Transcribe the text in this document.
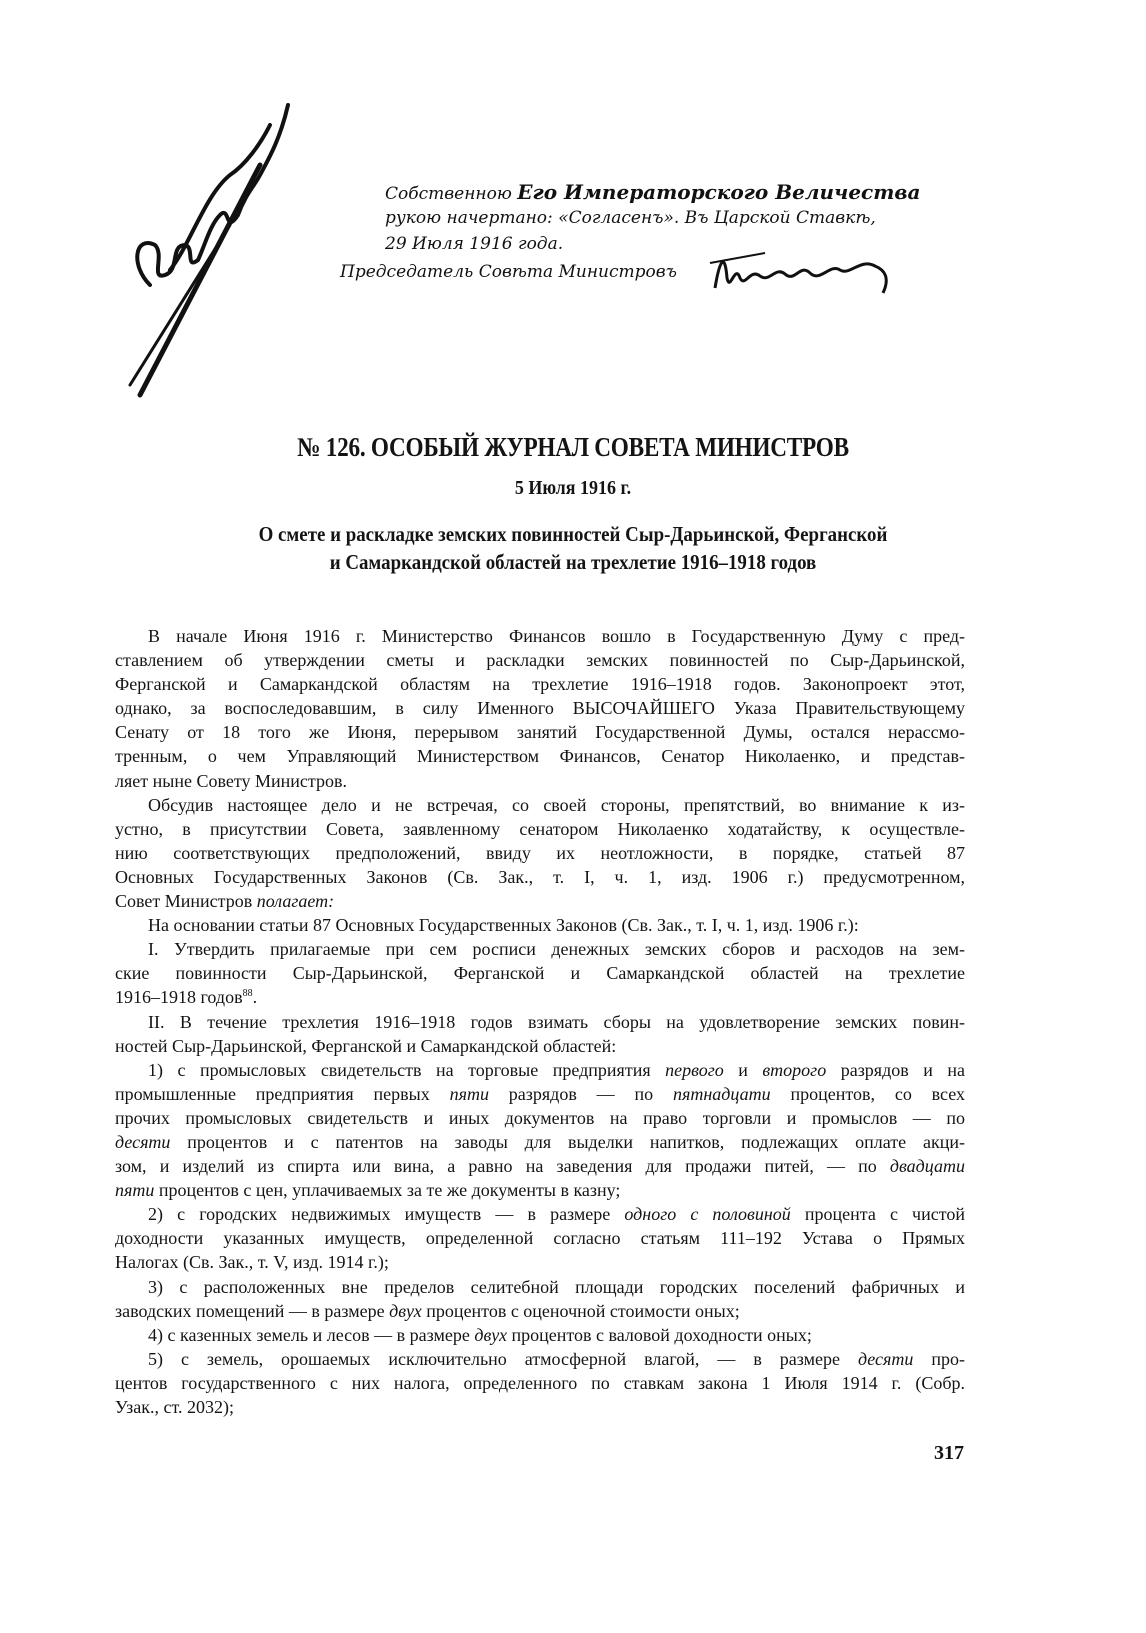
Собственною Его Императорского Величества
рукою начертано: «Согласенъ». Въ Царской Ставкѣ,
29 Июля 1916 года.
Председатель Совѣта Министровъ
№ 126. ОСОБЫЙ ЖУРНАЛ СОВЕТА МИНИСТРОВ
5 Июля 1916 г.
О смете и раскладке земских повинностей Сыр-Дарьинской, Ферганской
и Самаркандской областей на трехлетие 1916–1918 годов
В начале Июня 1916 г. Министерство Финансов вошло в Государственную Думу с пред-
ставлением об утверждении сметы и раскладки земских повинностей по Сыр-Дарьинской,
Ферганской и Самаркандской областям на трехлетие 1916–1918 годов. Законопроект этот,
однако, за воспоследовавшим, в силу Именного ВЫСОЧАЙШЕГО Указа Правительствующему
Сенату от 18 того же Июня, перерывом занятий Государственной Думы, остался нерассмо-
тренным, о чем Управляющий Министерством Финансов, Сенатор Николаенко, и представ-
ляет ныне Совету Министров.
Обсудив настоящее дело и не встречая, со своей стороны, препятствий, во внимание к из-
устно, в присутствии Совета, заявленному сенатором Николаенко ходатайству, к осуществле-
нию соответствующих предположений, ввиду их неотложности, в порядке, статьей 87
Основных Государственных Законов (Св. Зак., т. I, ч. 1, изд. 1906 г.) предусмотренном,
Совет Министров полагает:
На основании статьи 87 Основных Государственных Законов (Св. Зак., т. I, ч. 1, изд. 1906 г.):
I. Утвердить прилагаемые при сем росписи денежных земских сборов и расходов на зем-
ские повинности Сыр-Дарьинской, Ферганской и Самаркандской областей на трехлетие
1916–1918 годов$^{88}$.
II. В течение трехлетия 1916–1918 годов взимать сборы на удовлетворение земских повин-
ностей Сыр-Дарьинской, Ферганской и Самаркандской областей:
1) с промысловых свидетельств на торговые предприятия первого и второго разрядов и на
промышленные предприятия первых пяти разрядов — по пятнадцати процентов, со всех
прочих промысловых свидетельств и иных документов на право торговли и промыслов — по
десяти процентов и с патентов на заводы для выделки напитков, подлежащих оплате акци-
зом, и изделий из спирта или вина, а равно на заведения для продажи питей, — по двадцати
пяти процентов с цен, уплачиваемых за те же документы в казну;
2) с городских недвижимых имуществ — в размере одного с половиной процента с чистой
доходности указанных имуществ, определенной согласно статьям 111–192 Устава о Прямых
Налогах (Св. Зак., т. V, изд. 1914 г.);
3) с расположенных вне пределов селитебной площади городских поселений фабричных и
заводских помещений — в размере двух процентов с оценочной стоимости оных;
4) с казенных земель и лесов — в размере двух процентов с валовой доходности оных;
5) с земель, орошаемых исключительно атмосферной влагой, — в размере десяти про-
центов государственного с них налога, определенного по ставкам закона 1 Июля 1914 г. (Собр.
Узак., ст. 2032);
317
